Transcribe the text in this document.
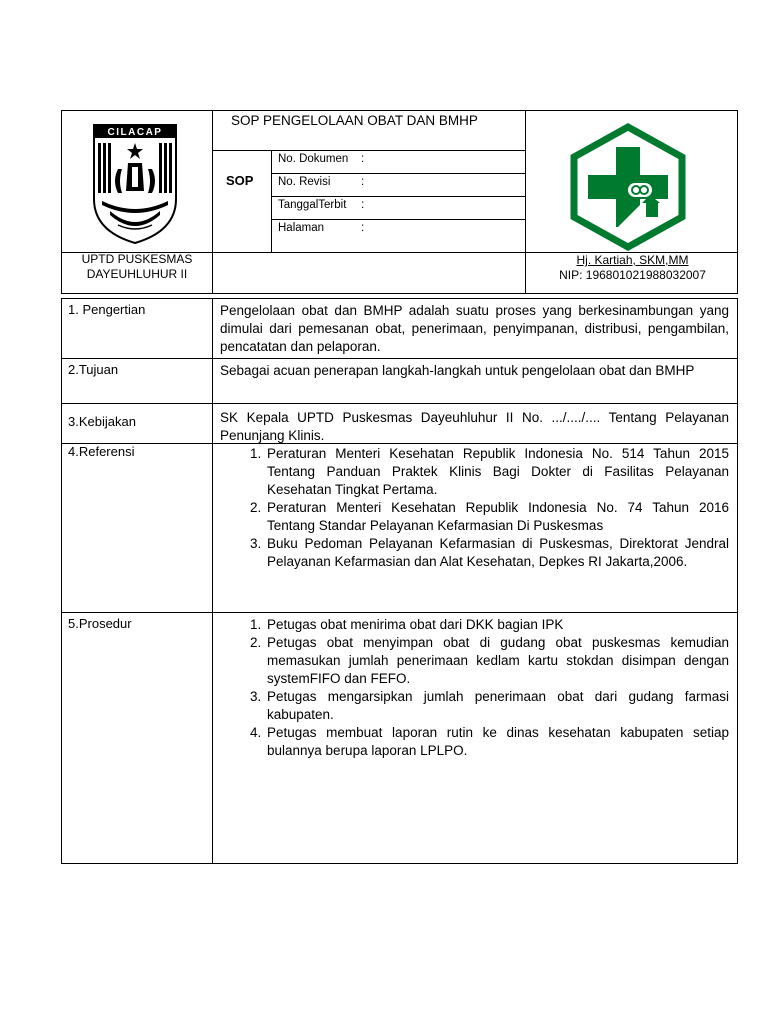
CILACAP
UPTD PUSKESMAS
DAYEUHLUHUR II
SOP PENGELOLAAN OBAT DAN BMHP
SOP
No. Dokumen :
No. Revisi	:
TanggalTerbit :
Halaman	:
Hj. Kartiah, SKM,MM
NIP: 196801021988032007
1. Pengertian	Pengelolaan obat dan BMHP adalah suatu proses yang berkesinambungan yang dimulai dari pemesanan obat, penerimaan, penyimpanan, distribusi, pengambilan, pencatatan dan pelaporan.
2.Tujuan	Sebagai acuan penerapan langkah-langkah untuk pengelolaan obat dan BMHP
3.Kebijakan	SK Kepala UPTD Puskesmas Dayeuhluhur II No. .../..../.... Tentang Pelayanan Penunjang Klinis.
4.Referensi	1. Peraturan Menteri Kesehatan Republik Indonesia No. 514 Tahun 2015 Tentang Panduan Praktek Klinis Bagi Dokter di Fasilitas Pelayanan Kesehatan Tingkat Pertama.
2. Peraturan Menteri Kesehatan Republik Indonesia No. 74 Tahun 2016 Tentang Standar Pelayanan Kefarmasian Di Puskesmas
3. Buku Pedoman Pelayanan Kefarmasian di Puskesmas, Direktorat Jendral Pelayanan Kefarmasian dan Alat Kesehatan, Depkes RI Jakarta,2006.
5.Prosedur	1. Petugas obat menirima obat dari DKK bagian IPK
2. Petugas obat menyimpan obat di gudang obat puskesmas kemudian memasukan jumlah penerimaan kedlam kartu stokdan disimpan dengan systemFIFO dan FEFO.
3. Petugas mengarsipkan jumlah penerimaan obat dari gudang farmasi kabupaten.
4. Petugas membuat laporan rutin ke dinas kesehatan kabupaten setiap bulannya berupa laporan LPLPO.
